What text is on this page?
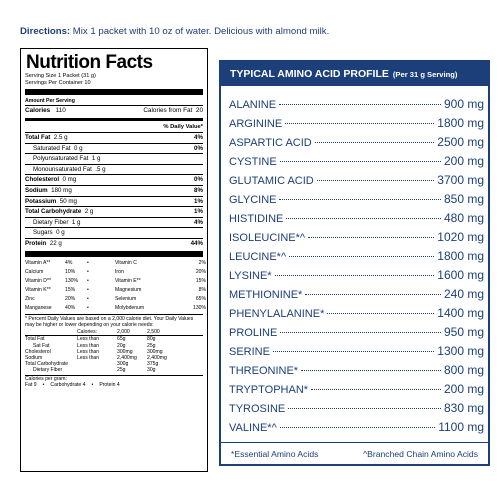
Directions: Mix 1 packet with 10 oz of water. Delicious with almond milk.
Nutrition Facts
Serving Size 1 Packet (31 g)
Servings Per Container 10
Amount Per Serving
Calories 110	Calories from Fat 20
% Daily Value*
Total Fat 2.5 g	4%
Saturated Fat 0 g	0%
Polyunsaturated Fat 1 g
Monounsaturated Fat .5 g
Cholesterol 0 mg	0%
Sodium 180 mg	8%
Potassium 50 mg	1%
Total Carbohydrate 2 g	1%
Dietary Fiber 1 g	4%
Sugars 0 g
Protein 22 g	44%
Vitamin A**	4%	•	Vitamin C	2%
Calcium	10%	•	Iron	20%
Vitamin D**	130%	•	Vitamin E**	15%
Vitamin K**	15%	•	Magnesium	8%
Zinc	20%	•	Selenium	65%
Manganese	40%	•	Molybdenum	130%
* Percent Daily Values are based on a 2,000 calorie diet. Your Daily Values may be higher or lower depending on your calorie needs:
Calories:	2,000	2,500
Total Fat	Less than	65g	80g
Sat Fat	Less than	20g	25g
Cholesterol	Less than	300mg	300mg
Sodium	Less than	2,400mg	2,400mg
Total Carbohydrate	300g	375g
Dietary Fiber	25g	30g
Calories per gram:
Fat 9 • Carbohydrate 4 • Protein 4
TYPICAL AMINO ACID PROFILE (Per 31 g Serving)
ALANINE	900 mg
ARGININE	1800 mg
ASPARTIC ACID	2500 mg
CYSTINE	200 mg
GLUTAMIC ACID	3700 mg
GLYCINE	850 mg
HISTIDINE	480 mg
ISOLEUCINE*^	1020 mg
LEUCINE*^	1800 mg
LYSINE*	1600 mg
METHIONINE*	240 mg
PHENYLALANINE*	1400 mg
PROLINE	950 mg
SERINE	1300 mg
THREONINE*	800 mg
TRYPTOPHAN*	200 mg
TYROSINE	830 mg
VALINE*^	1100 mg
*Essential Amino Acids	^Branched Chain Amino Acids
